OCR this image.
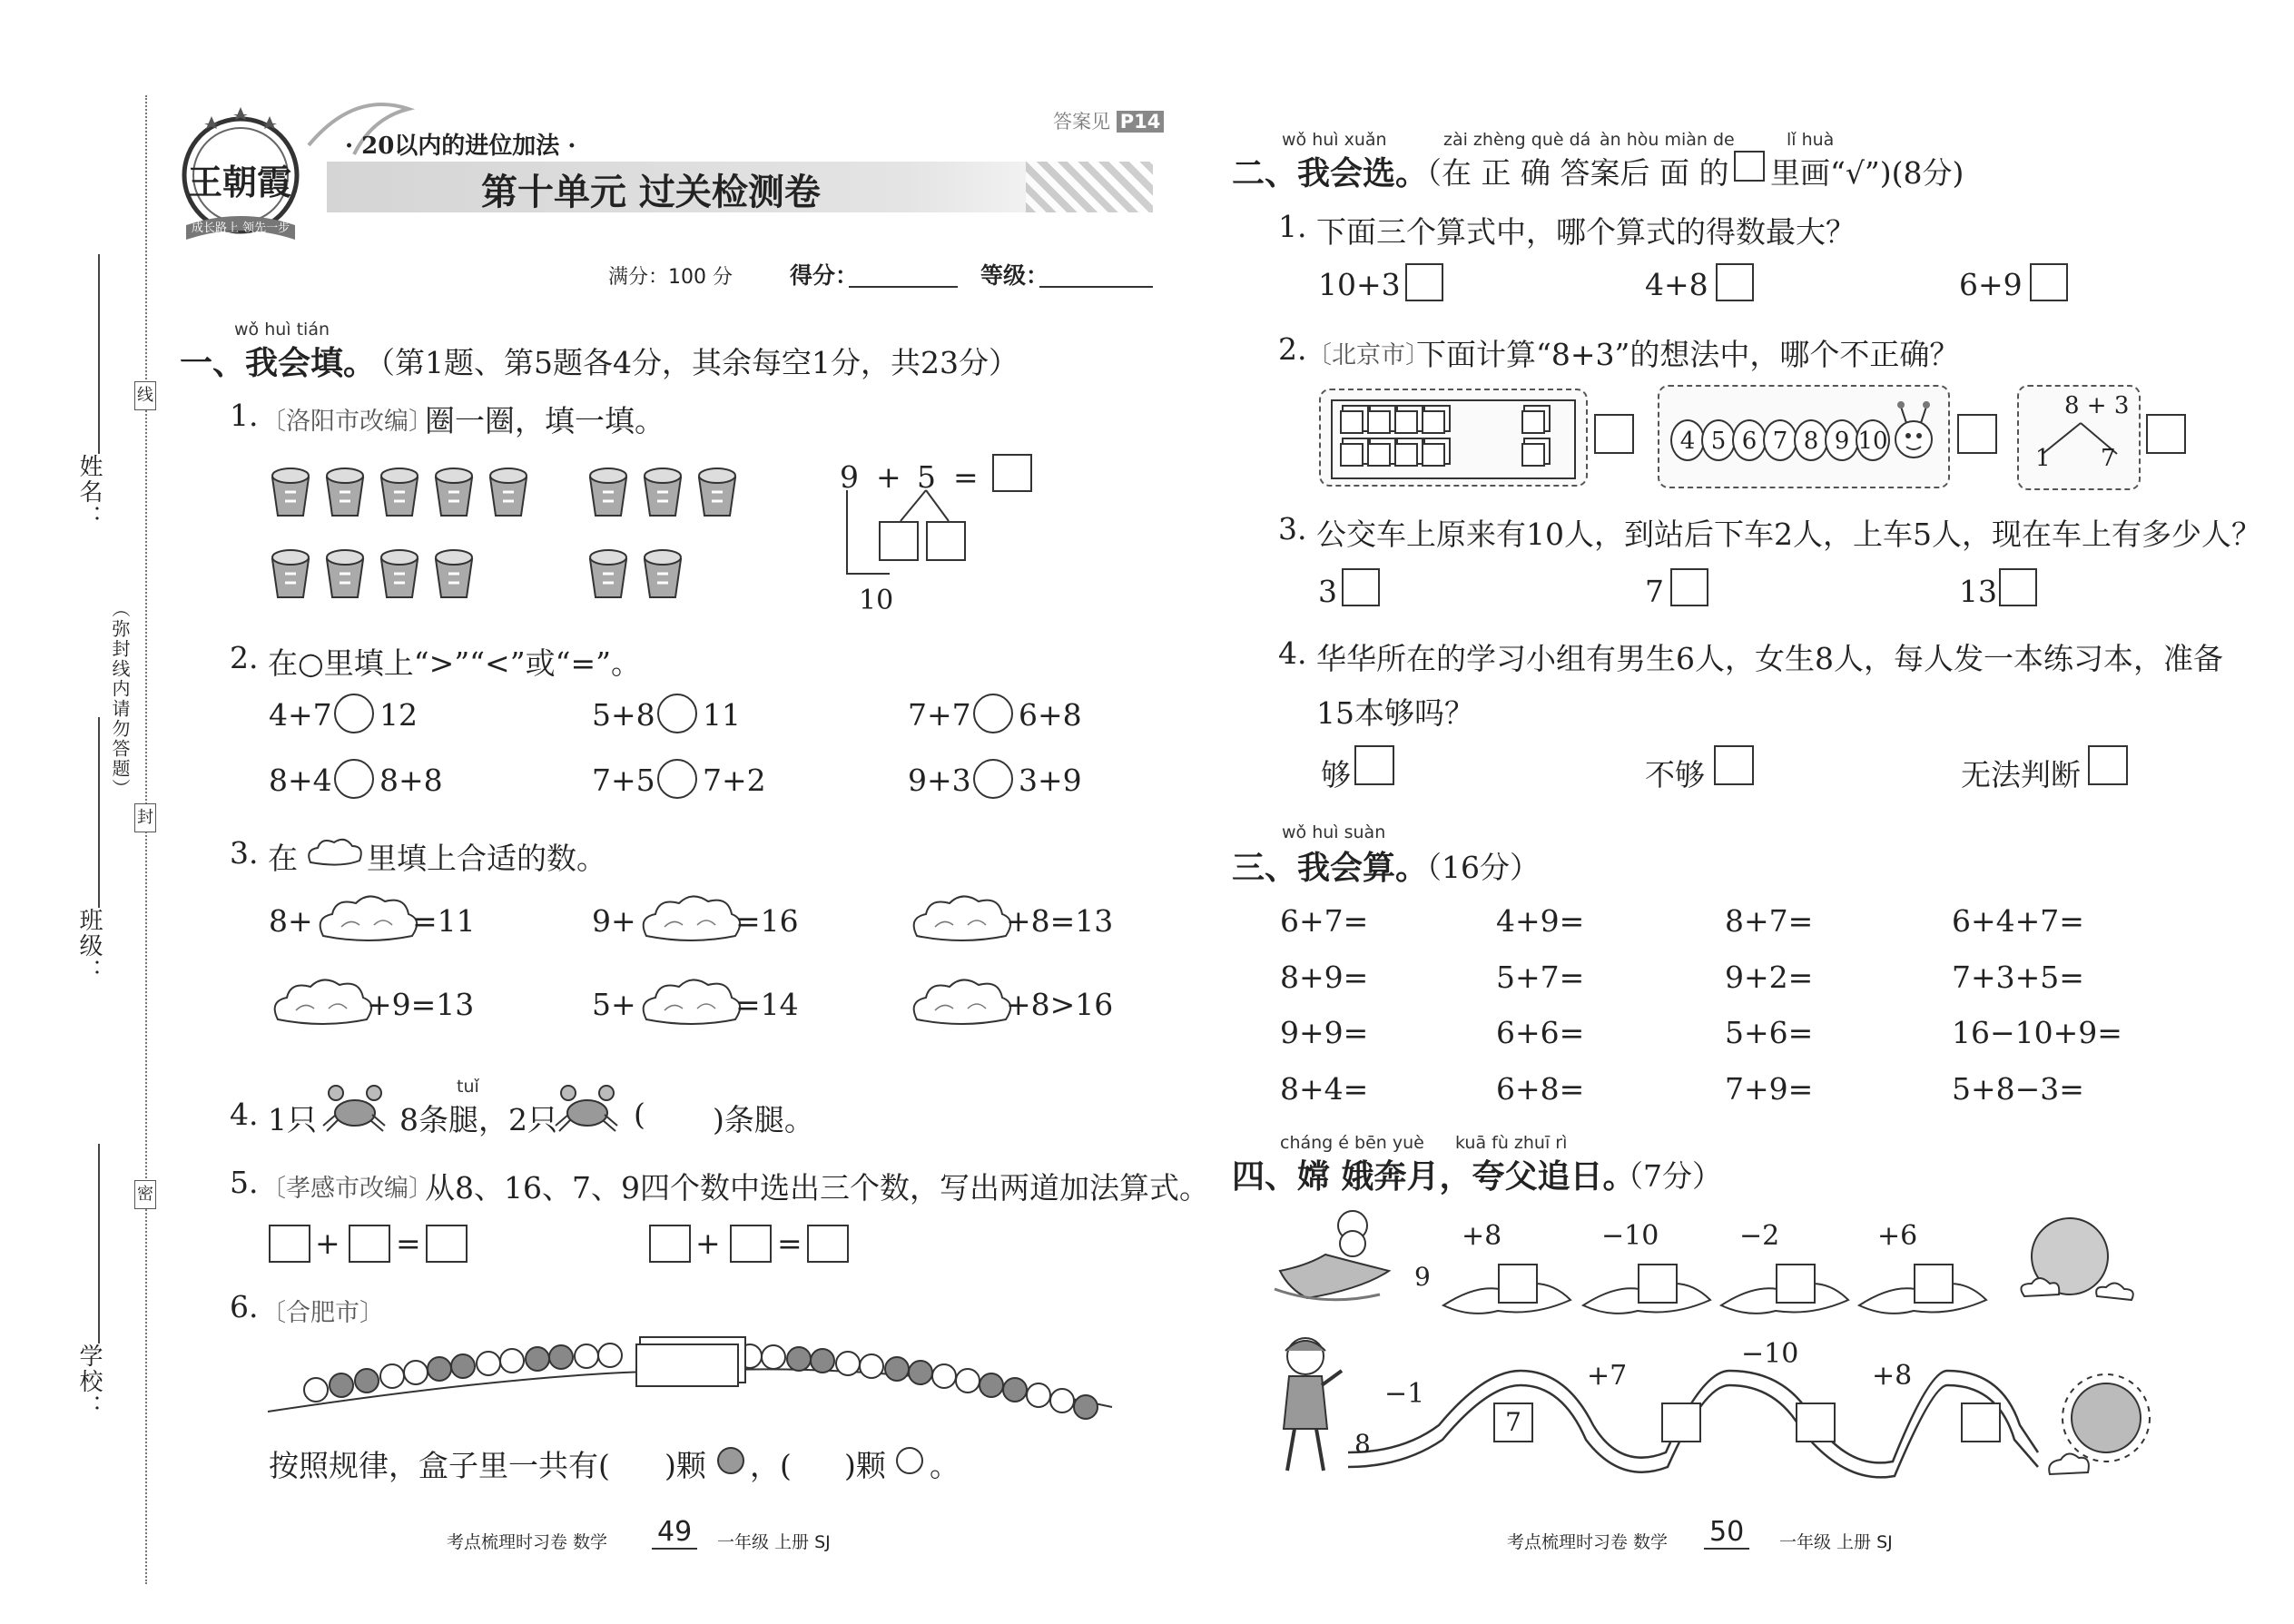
线
封
密
姓名：
（弥封线内请勿答题）
班级：
学校：
王朝霞
成长路上 领先一步
· 20以内的进位加法 ·
第十单元 过关检测卷
答案见 P14
满分：100 分	得分：	等级：
wǒ huì tián
一、我会填。
（第1题、第5题各4分，其余每空1分，共23分）
1. 〔洛阳市改编〕
圈一圈，填一填。
9 + 5 =
10
2. 在○里填上“>”“<”或“=”。
4+7 12	5+8 11	7+7 6+8
8+4 8+8	7+5 7+2	9+3 3+9
3. 在 里填上合适的数。
8+	=11	9+	=16	+8=13
+9=13	5+	=14	+8>16
4. 1只	8条腿，2只
tuǐ
( )条腿。
5. 〔孝感市改编〕
从8、16、7、9四个数中选出三个数，写出两道加法算式。
+ =	+ =
6. 〔合肥市〕
按照规律，盒子里一共有( )颗 ，( )颗 。
考点梳理时习卷 数学 49	一年级 上册 SJ
wǒ huì xuǎn	zài zhèng què dá àn hòu miàn de	lǐ huà
二、我会选。
（在 正 确 答案后 面 的 里画“√”)(8分)
1. 下面三个算式中，哪个算式的得数最大？
10+3	4+8	6+9
2. 〔北京市〕
下面计算“8+3”的想法中，哪个不正确？
4 5 6 7 8 9 10
8 + 3
1 7
3. 公交车上原来有10人，到站后下车2人，上车5人，现在车上有多少人？
3	7	13
4. 华华所在的学习小组有男生6人，女生8人，每人发一本练习本，准备
15本够吗？
够	不够	无法判断
wǒ huì suàn
三、我会算。
（16分）
6+7=	4+9=	8+7=	6+4+7=
8+9=	5+7=	9+2=	7+3+5=
9+9=	6+6=	5+6=	16−10+9=
8+4=	6+8=	7+9=	5+8−3=
cháng é bēn yuè kuā fù zhuī rì
四、嫦 娥奔月，夸父追日。
（7分）
9
+8	−10	−2	+6
8
−1
+7
−10
+8
7
考点梳理时习卷 数学 50	一年级 上册 SJ
